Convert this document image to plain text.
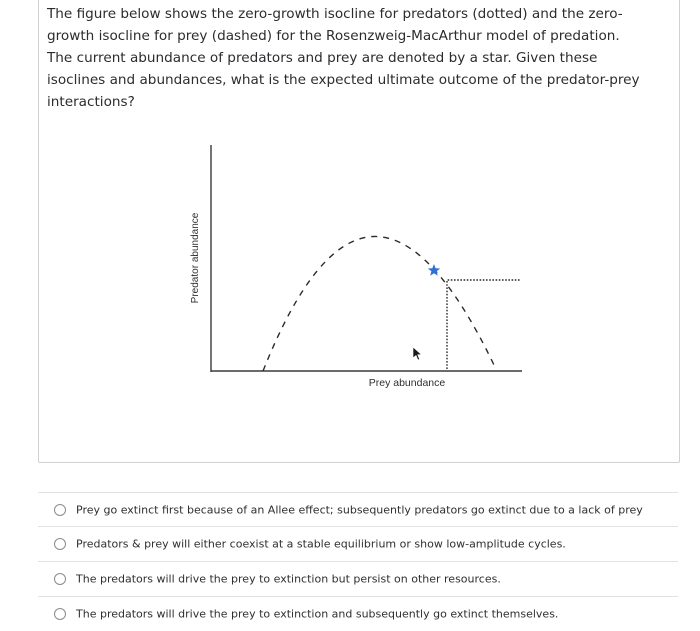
The figure below shows the zero-growth isocline for predators (dotted) and the zero-growth isocline for prey (dashed) for the Rosenzweig-MacArthur model of predation. The current abundance of predators and prey are denoted by a star. Given these isoclines and abundances, what is the expected ultimate outcome of the predator-prey interactions?

Predator abundance
Prey abundance
Prey go extinct first because of an Allee effect; subsequently predators go extinct due to a lack of prey
Predators & prey will either coexist at a stable equilibrium or show low-amplitude cycles.
The predators will drive the prey to extinction but persist on other resources.
The predators will drive the prey to extinction and subsequently go extinct themselves.
